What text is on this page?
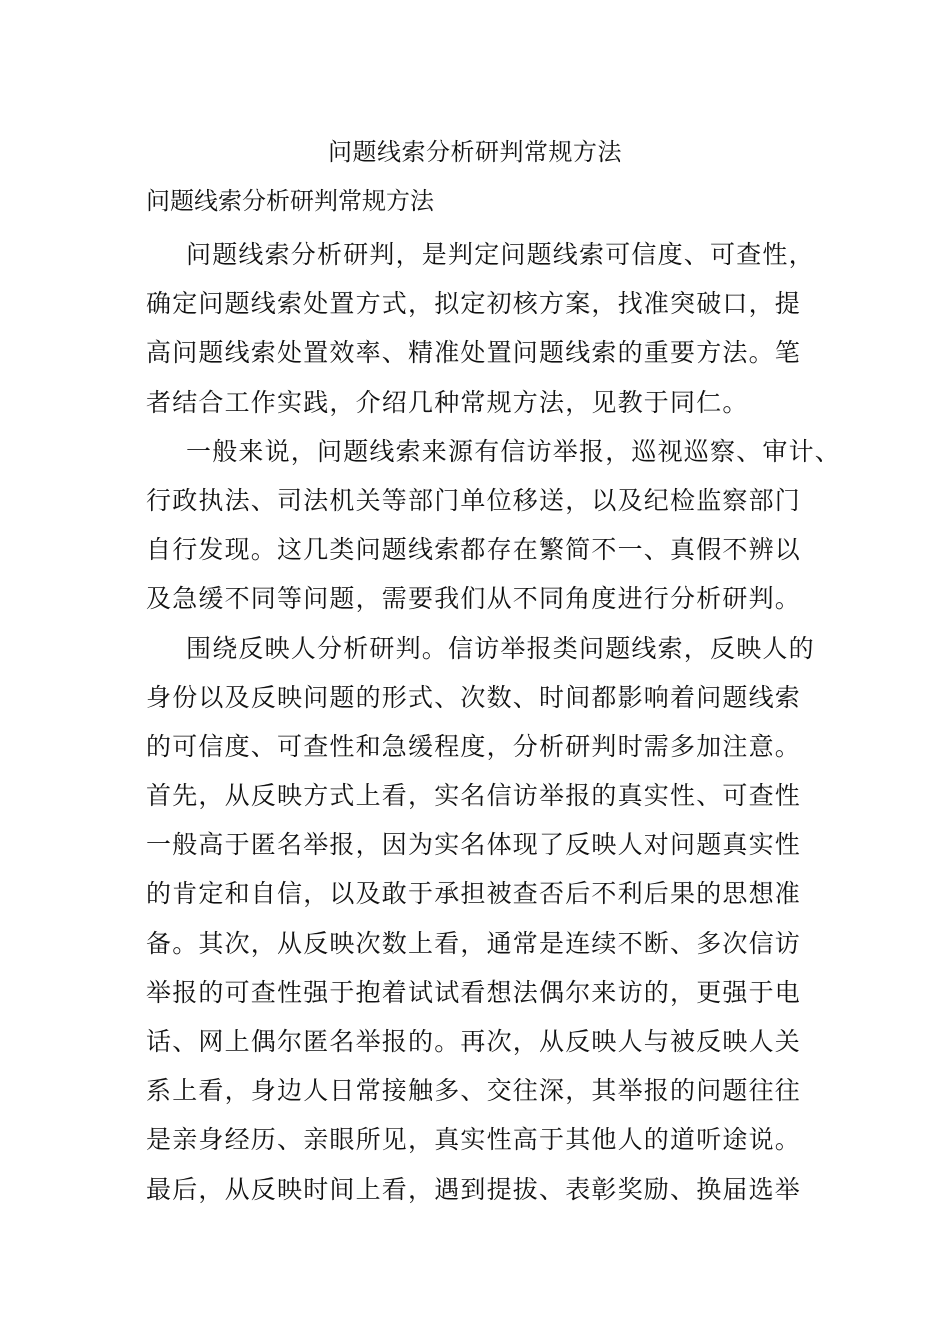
问题线索分析研判常规方法
问题线索分析研判常规方法
问题线索分析研判，是判定问题线索可信度、可查性，
确定问题线索处置方式，拟定初核方案，找准突破口，提
高问题线索处置效率、精准处置问题线索的重要方法。笔
者结合工作实践，介绍几种常规方法，见教于同仁。
一般来说，问题线索来源有信访举报，巡视巡察、审计、
行政执法、司法机关等部门单位移送，以及纪检监察部门
自行发现。这几类问题线索都存在繁简不一、真假不辨以
及急缓不同等问题，需要我们从不同角度进行分析研判。
围绕反映人分析研判。信访举报类问题线索，反映人的
身份以及反映问题的形式、次数、时间都影响着问题线索
的可信度、可查性和急缓程度，分析研判时需多加注意。
首先，从反映方式上看，实名信访举报的真实性、可查性
一般高于匿名举报，因为实名体现了反映人对问题真实性
的肯定和自信，以及敢于承担被查否后不利后果的思想准
备。其次，从反映次数上看，通常是连续不断、多次信访
举报的可查性强于抱着试试看想法偶尔来访的，更强于电
话、网上偶尔匿名举报的。再次，从反映人与被反映人关
系上看，身边人日常接触多、交往深，其举报的问题往往
是亲身经历、亲眼所见，真实性高于其他人的道听途说。
最后，从反映时间上看，遇到提拔、表彰奖励、换届选举
